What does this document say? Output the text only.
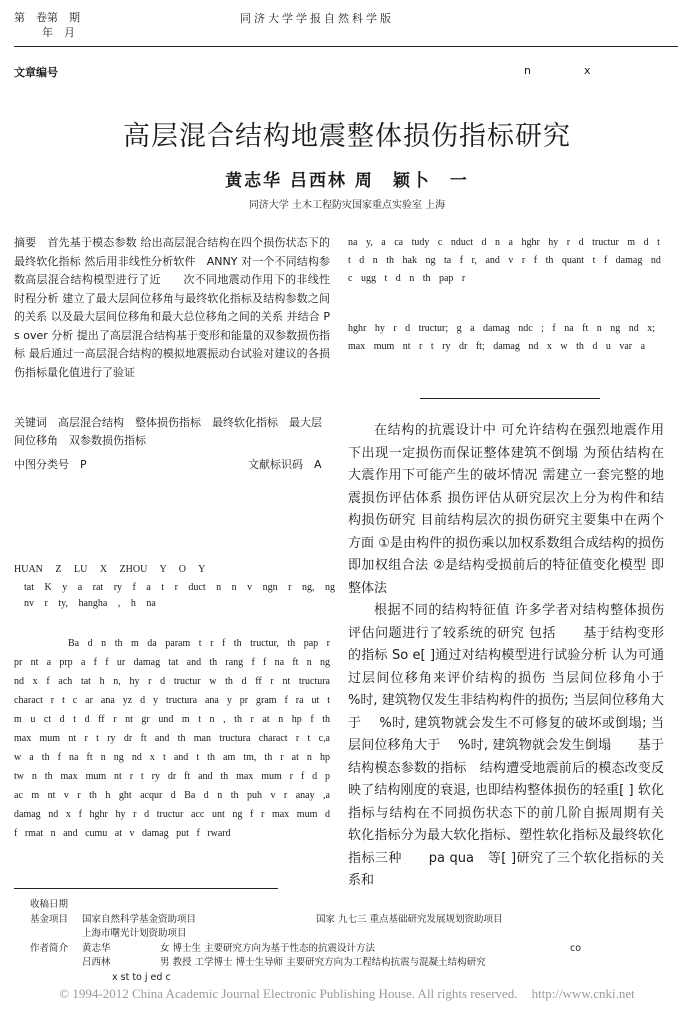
第　卷第　期
年　月
同济大学学报自然科学版
文章编号	n	x
高层混合结构地震整体损伤指标研究
黄志华 吕西林 周　颖卜　一
同济大学 土木工程防灾国家重点实验室 上海
摘要　首先基于模态参数 给出高层混合结构在四个损伤状态下的最终软化指标 然后用非线性分析软件　ANNY 对一个不同结构参数高层混合结构模型进行了近　　次不同地震动作用下的非线性时程分析 建立了最大层间位移角与最终软化指标及结构参数之间的关系 以及最大层间位移角和最大总位移角之间的关系 并结合 P s over 分析 提出了高层混合结构基于变形和能量的双参数损伤指标 最后通过一高层混合结构的模拟地震振动台试验对建议的各损伤指标量化值进行了验证
na y, a ca tudy c nduct d n a hghr hy r d tructur m d t t d n th hak ng ta f r, and v r f th quant t f damag nd c ugg t d n th pap r
hghr hy r d tructur; g a damag ndc ; f na ft n ng nd x; max mum nt r t ry dr ft; damag nd x w th d u var a
关键词　高层混合结构　整体损伤指标　最终软化指标　最大层间位移角　双参数损伤指标
中图分类号　P	文献标识码　A
HUAN Z LU X ZHOU Y O Y
tat K y a rat ry f a t r duct n n v ngn r ng, ng nv r ty, hangha , h na

Ba d n th m da param t r f th tructur, th pap r pr nt a prp a f f ur damag tat and th rang f f na ft n ng nd x f ach tat h n, hy r d tructur w th d ff r nt tructura charact r t c ar ana yz d y tructura ana y pr gram f ra ut t m u ct d t d ff r nt gr und m t n , th r at n hp f th max mum nt r t ry dr ft and th man tructura charact r t c,a w a th f na ft n ng nd x t and t th am tm, th r at n hp tw n th max mum nt r t ry dr ft and th max mum r f d p ac m nt v r th h ght acqur d Ba d n th puh v r anay ,a damag nd x f hghr hy r d tructur acc unt ng f r max mum d f rmat n and cumu at v damag put f rward

在结构的抗震设计中 可允许结构在强烈地震作用下出现一定损伤而保证整体建筑不倒塌 为预估结构在大震作用下可能产生的破坏情况 需建立一套完整的地震损伤评估体系 损伤评估从研究层次上分为构件和结构损伤研究 目前结构层次的损伤研究主要集中在两个方面 ①是由构件的损伤乘以加权系数组合成结构的损伤 即加权组合法 ②是结构受损前后的特征值变化模型 即整体法

根据不同的结构特征值 许多学者对结构整体损伤评估问题进行了较系统的研究 包括　　基于结构变形的指标 So e[ ]通过对结构模型进行试验分析 认为可通过层间位移角来评价结构的损伤 当层间位移角小于　 %时, 建筑物仅发生非结构构件的损伤; 当层间位移角大于　 %时, 建筑物就会发生不可修复的破坏或倒塌; 当层间位移角大于　 %时, 建筑物就会发生倒塌　　基于结构模态参数的指标　结构遭受地震前后的模态改变反映了结构刚度的衰退, 也即结构整体损伤的轻重[ ] 软化指标与结构在不同损伤状态下的前几阶自振周期有关 软化指标分为最大软化指标、塑性软化指标及最终软化指标三种　　pa qua　等[ ]研究了三个软化指标的关系和

收稿日期
基金项目	国家自然科学基金资助项目	国家 九七三 重点基础研究发展规划资助项目
上海市曙光计划资助项目
作者简介	黄志华	女 博士生 主要研究方向为基于性态的抗震设计方法	co
吕西林	男 教授 工学博士 博士生导师 主要研究方向为工程结构抗震与混凝土结构研究
x st to j ed c
© 1994-2012 China Academic Journal Electronic Publishing House. All rights reserved. http://www.cnki.net
